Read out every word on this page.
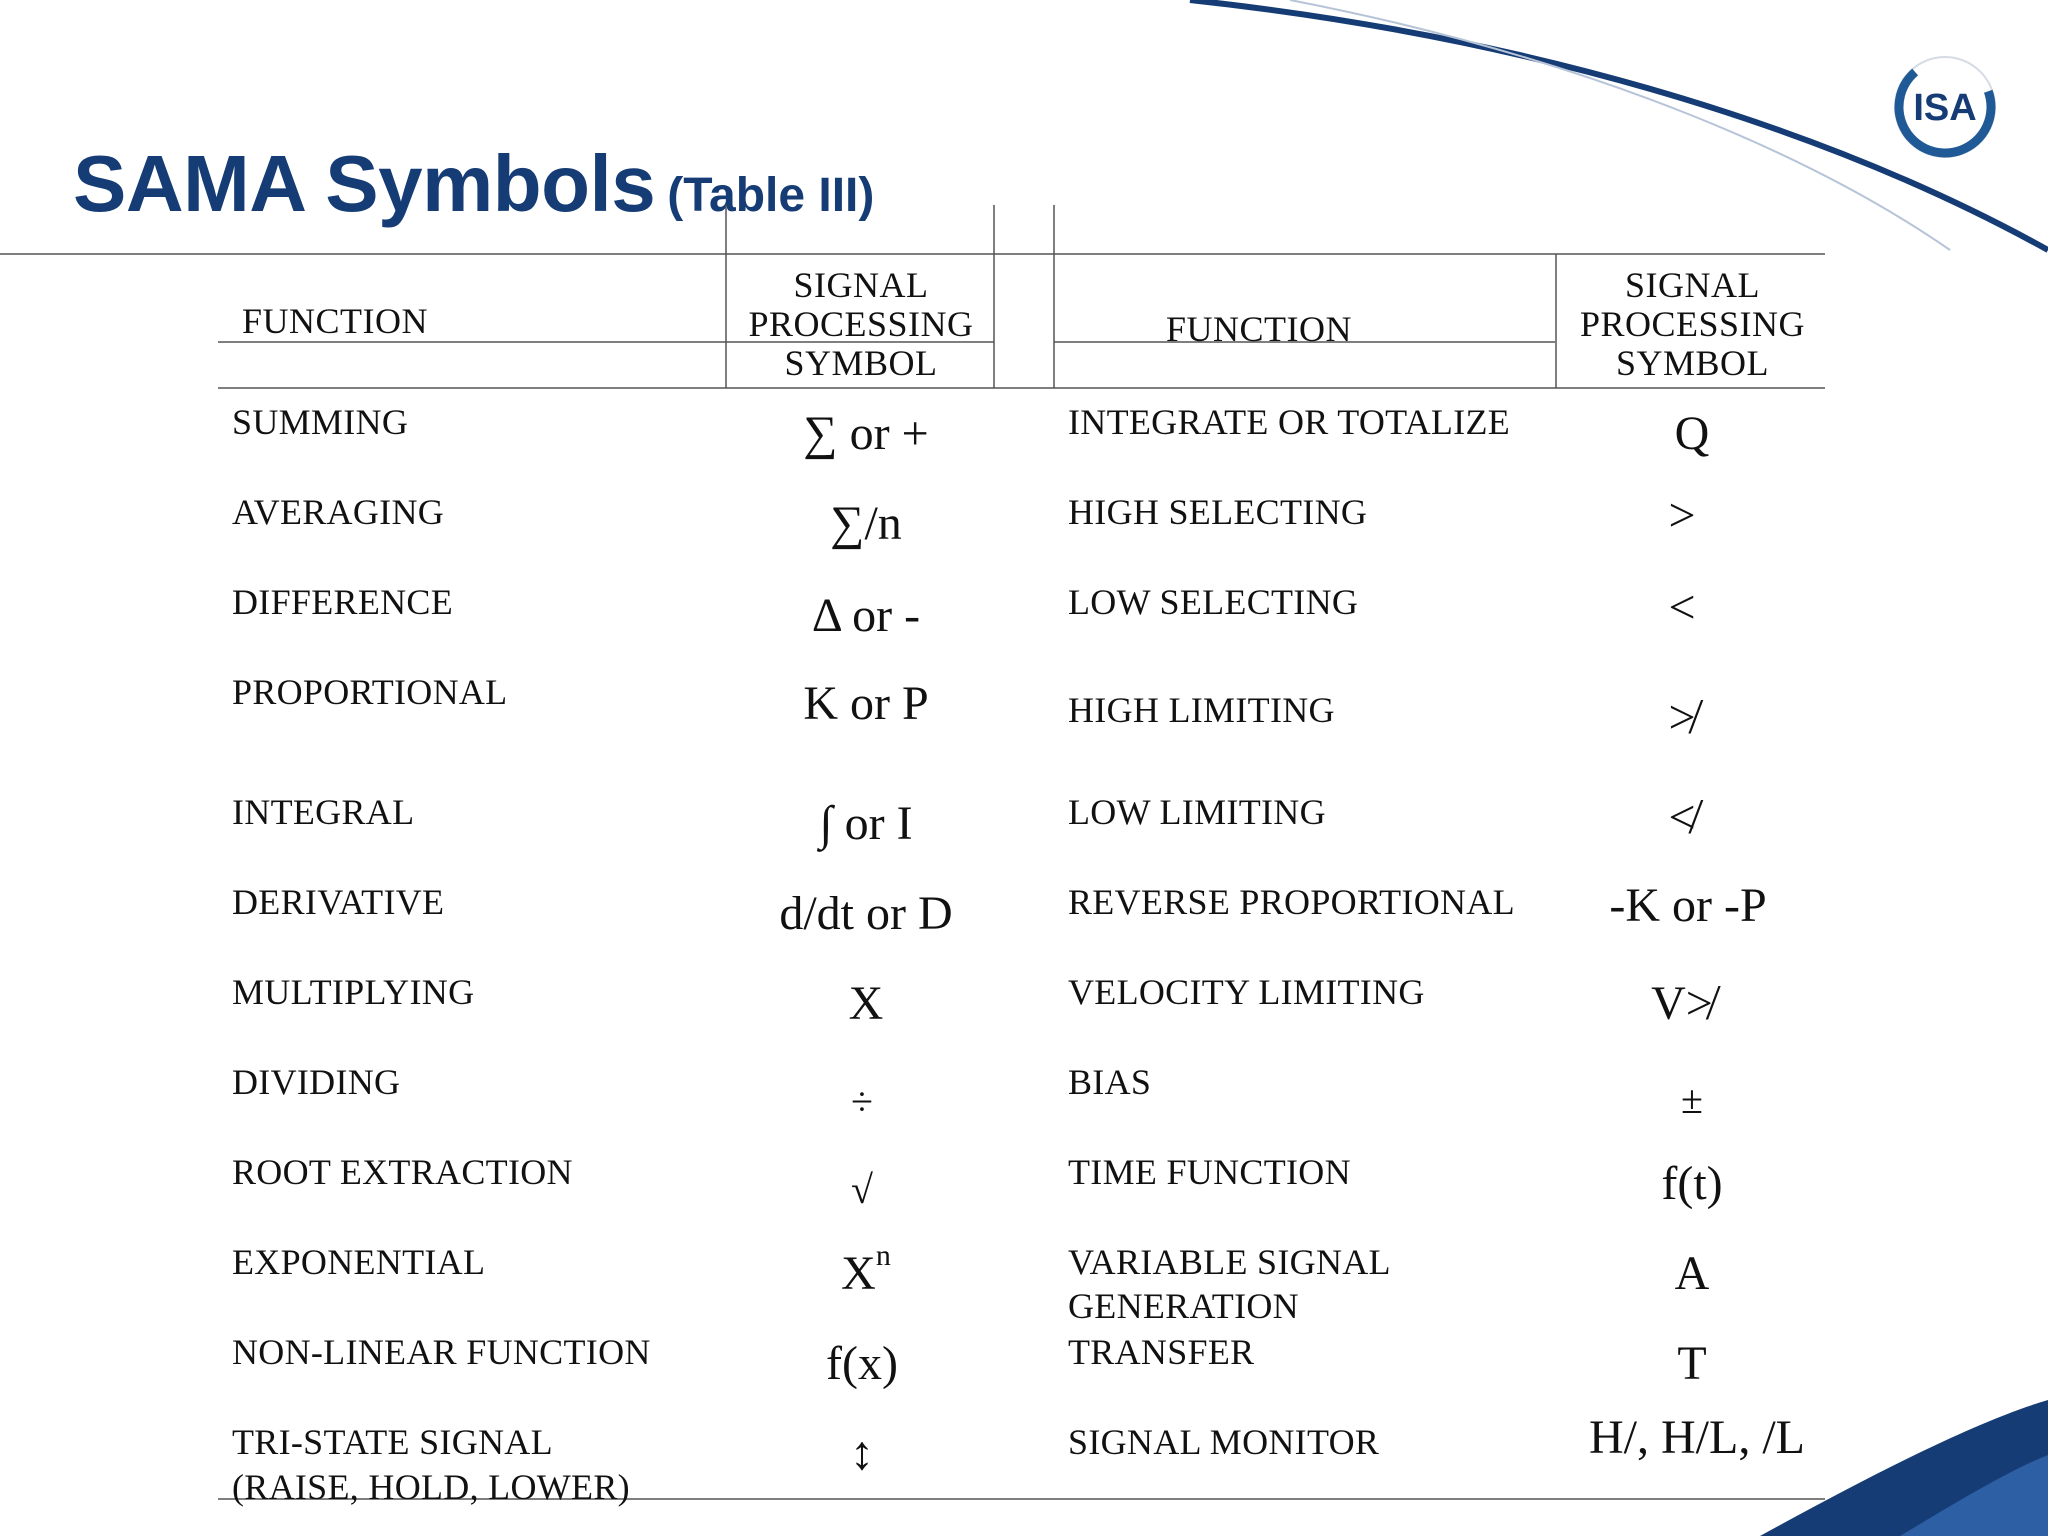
SAMA Symbols (Table III)
ISA
FUNCTION
SIGNAL
PROCESSING
SYMBOL
FUNCTION
SIGNAL
PROCESSING
SYMBOL
SUMMING
AVERAGING
DIFFERENCE
PROPORTIONAL
INTEGRAL
DERIVATIVE
MULTIPLYING
DIVIDING
ROOT EXTRACTION
EXPONENTIAL
NON-LINEAR FUNCTION
TRI-STATE SIGNAL
(RAISE, HOLD, LOWER)
∑ or +
∑/n
Δ or -
K or P
∫ or I
d/dt or D
X
÷
√
$X^n$
f(x)
↕
INTEGRATE OR TOTALIZE
HIGH SELECTING
LOW SELECTING
HIGH LIMITING
LOW LIMITING
REVERSE PROPORTIONAL
VELOCITY LIMITING
BIAS
TIME FUNCTION
VARIABLE SIGNAL
GENERATION
TRANSFER
SIGNAL MONITOR
Q
>
<
≯
≮
-K or -P
V≯
±
f(t)
A
T
H/, H/L, /L
